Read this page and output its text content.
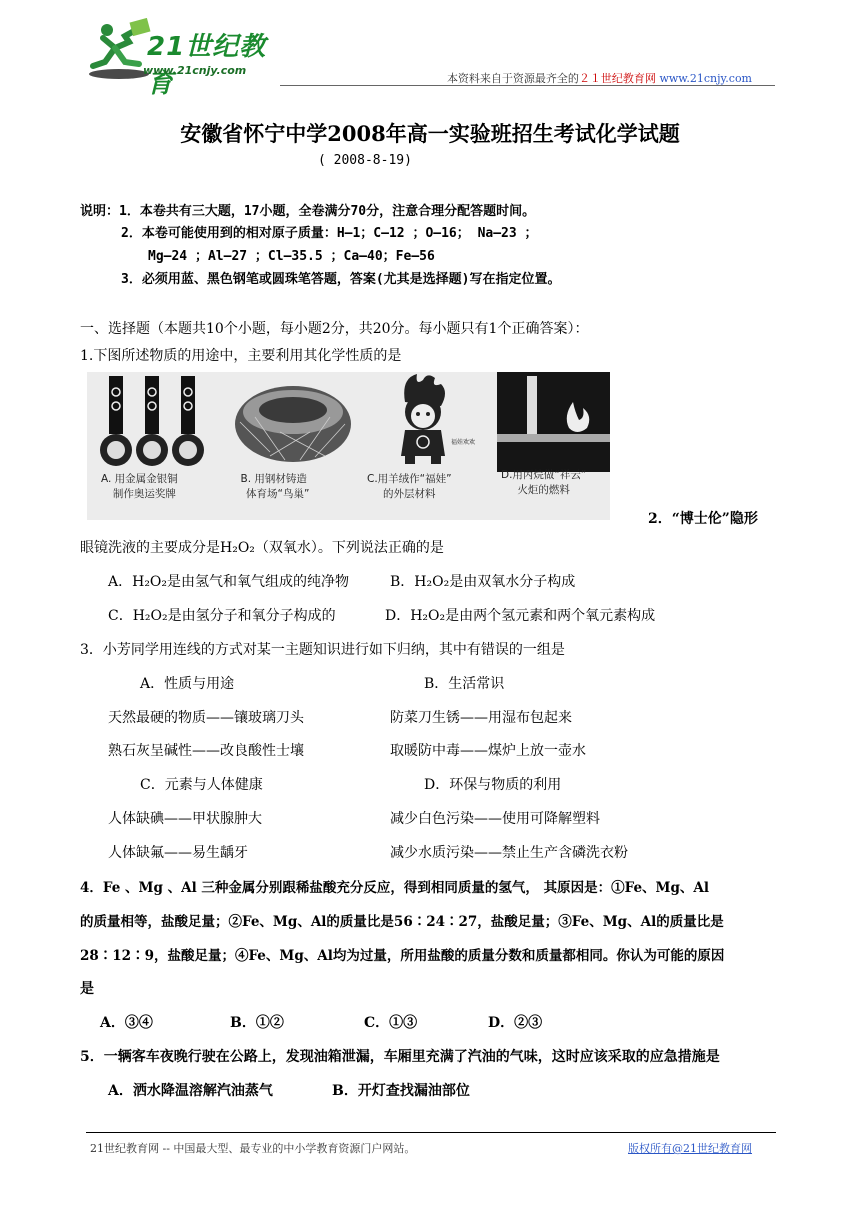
21世纪教育
www.21cnjy.com
本资料来自于资源最齐全的２１世纪教育网 www.21cnjy.com
安徽省怀宁中学2008年高一实验班招生考试化学试题
( 2008-8-19)
说明：1．本卷共有三大题，17小题，全卷满分70分，注意合理分配答题时间。
2．本卷可能使用到的相对原子质量：H—1；C—12 ；O—16； Na—23 ；
Mg—24 ；Al—27 ；Cl—35.5 ；Ca—40；Fe—56
3．必须用蓝、黑色钢笔或圆珠笔答题，答案(尤其是选择题)写在指定位置。
一、选择题（本题共10个小题，每小题2分，共20分。每小题只有1个正确答案）：
1.下图所述物质的用途中，主要利用其化学性质的是
A. 用金属金银铜
制作奥运奖牌
B. 用钢材铸造
体育场“鸟巢”
福娃欢欢
C.用羊绒作“福娃”
的外层材料
D.用丙烷做“祥云”
火炬的燃料
2．“博士伦”隐形
眼镜洗液的主要成分是H₂O₂（双氧水）。下列说法正确的是
A．H₂O₂是由氢气和氧气组成的纯净物	B．H₂O₂是由双氧水分子构成
C．H₂O₂是由氢分子和氧分子构成的	D．H₂O₂是由两个氢元素和两个氧元素构成
3．小芳同学用连线的方式对某一主题知识进行如下归纳，其中有错误的一组是
A．性质与用途	B．生活常识
天然最硬的物质——镶玻璃刀头	防菜刀生锈——用湿布包起来
熟石灰呈碱性——改良酸性士壤	取暖防中毒——煤炉上放一壶水
C．元素与人体健康	D．环保与物质的利用
人体缺碘——甲状腺肿大	减少白色污染——使用可降解塑料
人体缺氟——易生龋牙	减少水质污染——禁止生产含磷洗衣粉
4．Fe 、Mg 、Al 三种金属分别跟稀盐酸充分反应，得到相同质量的氢气， 其原因是：①Fe、Mg、Al
的质量相等，盐酸足量；②Fe、Mg、Al的质量比是56∶24∶27，盐酸足量；③Fe、Mg、Al的质量比是
28∶12∶9，盐酸足量；④Fe、Mg、Al均为过量，所用盐酸的质量分数和质量都相同。你认为可能的原因
是
A．③④	B．①②	C．①③	D．②③
5．一辆客车夜晚行驶在公路上，发现油箱泄漏，车厢里充满了汽油的气味，这时应该采取的应急措施是
A．洒水降温溶解汽油蒸气	B．开灯查找漏油部位
21世纪教育网 -- 中国最大型、最专业的中小学教育资源门户网站。	版权所有@21世纪教育网
